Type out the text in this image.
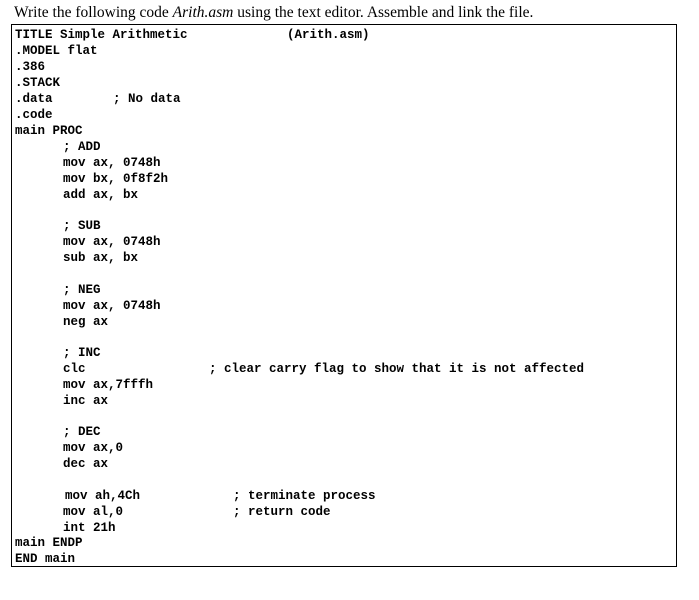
Write the following code Arith.asm using the text editor. Assemble and link the file.
TITLE Simple Arithmetic	(Arith.asm)
.MODEL flat
.386
.STACK
.data	; No data
.code
main PROC
; ADD
mov ax, 0748h
mov bx, 0f8f2h
add ax, bx
; SUB
mov ax, 0748h
sub ax, bx
; NEG
mov ax, 0748h
neg ax
; INC
clc	; clear carry flag to show that it is not affected
mov ax,7fffh
inc ax
; DEC
mov ax,0
dec ax
mov ah,4Ch	; terminate process
mov al,0	; return code
int 21h
main ENDP
END main
